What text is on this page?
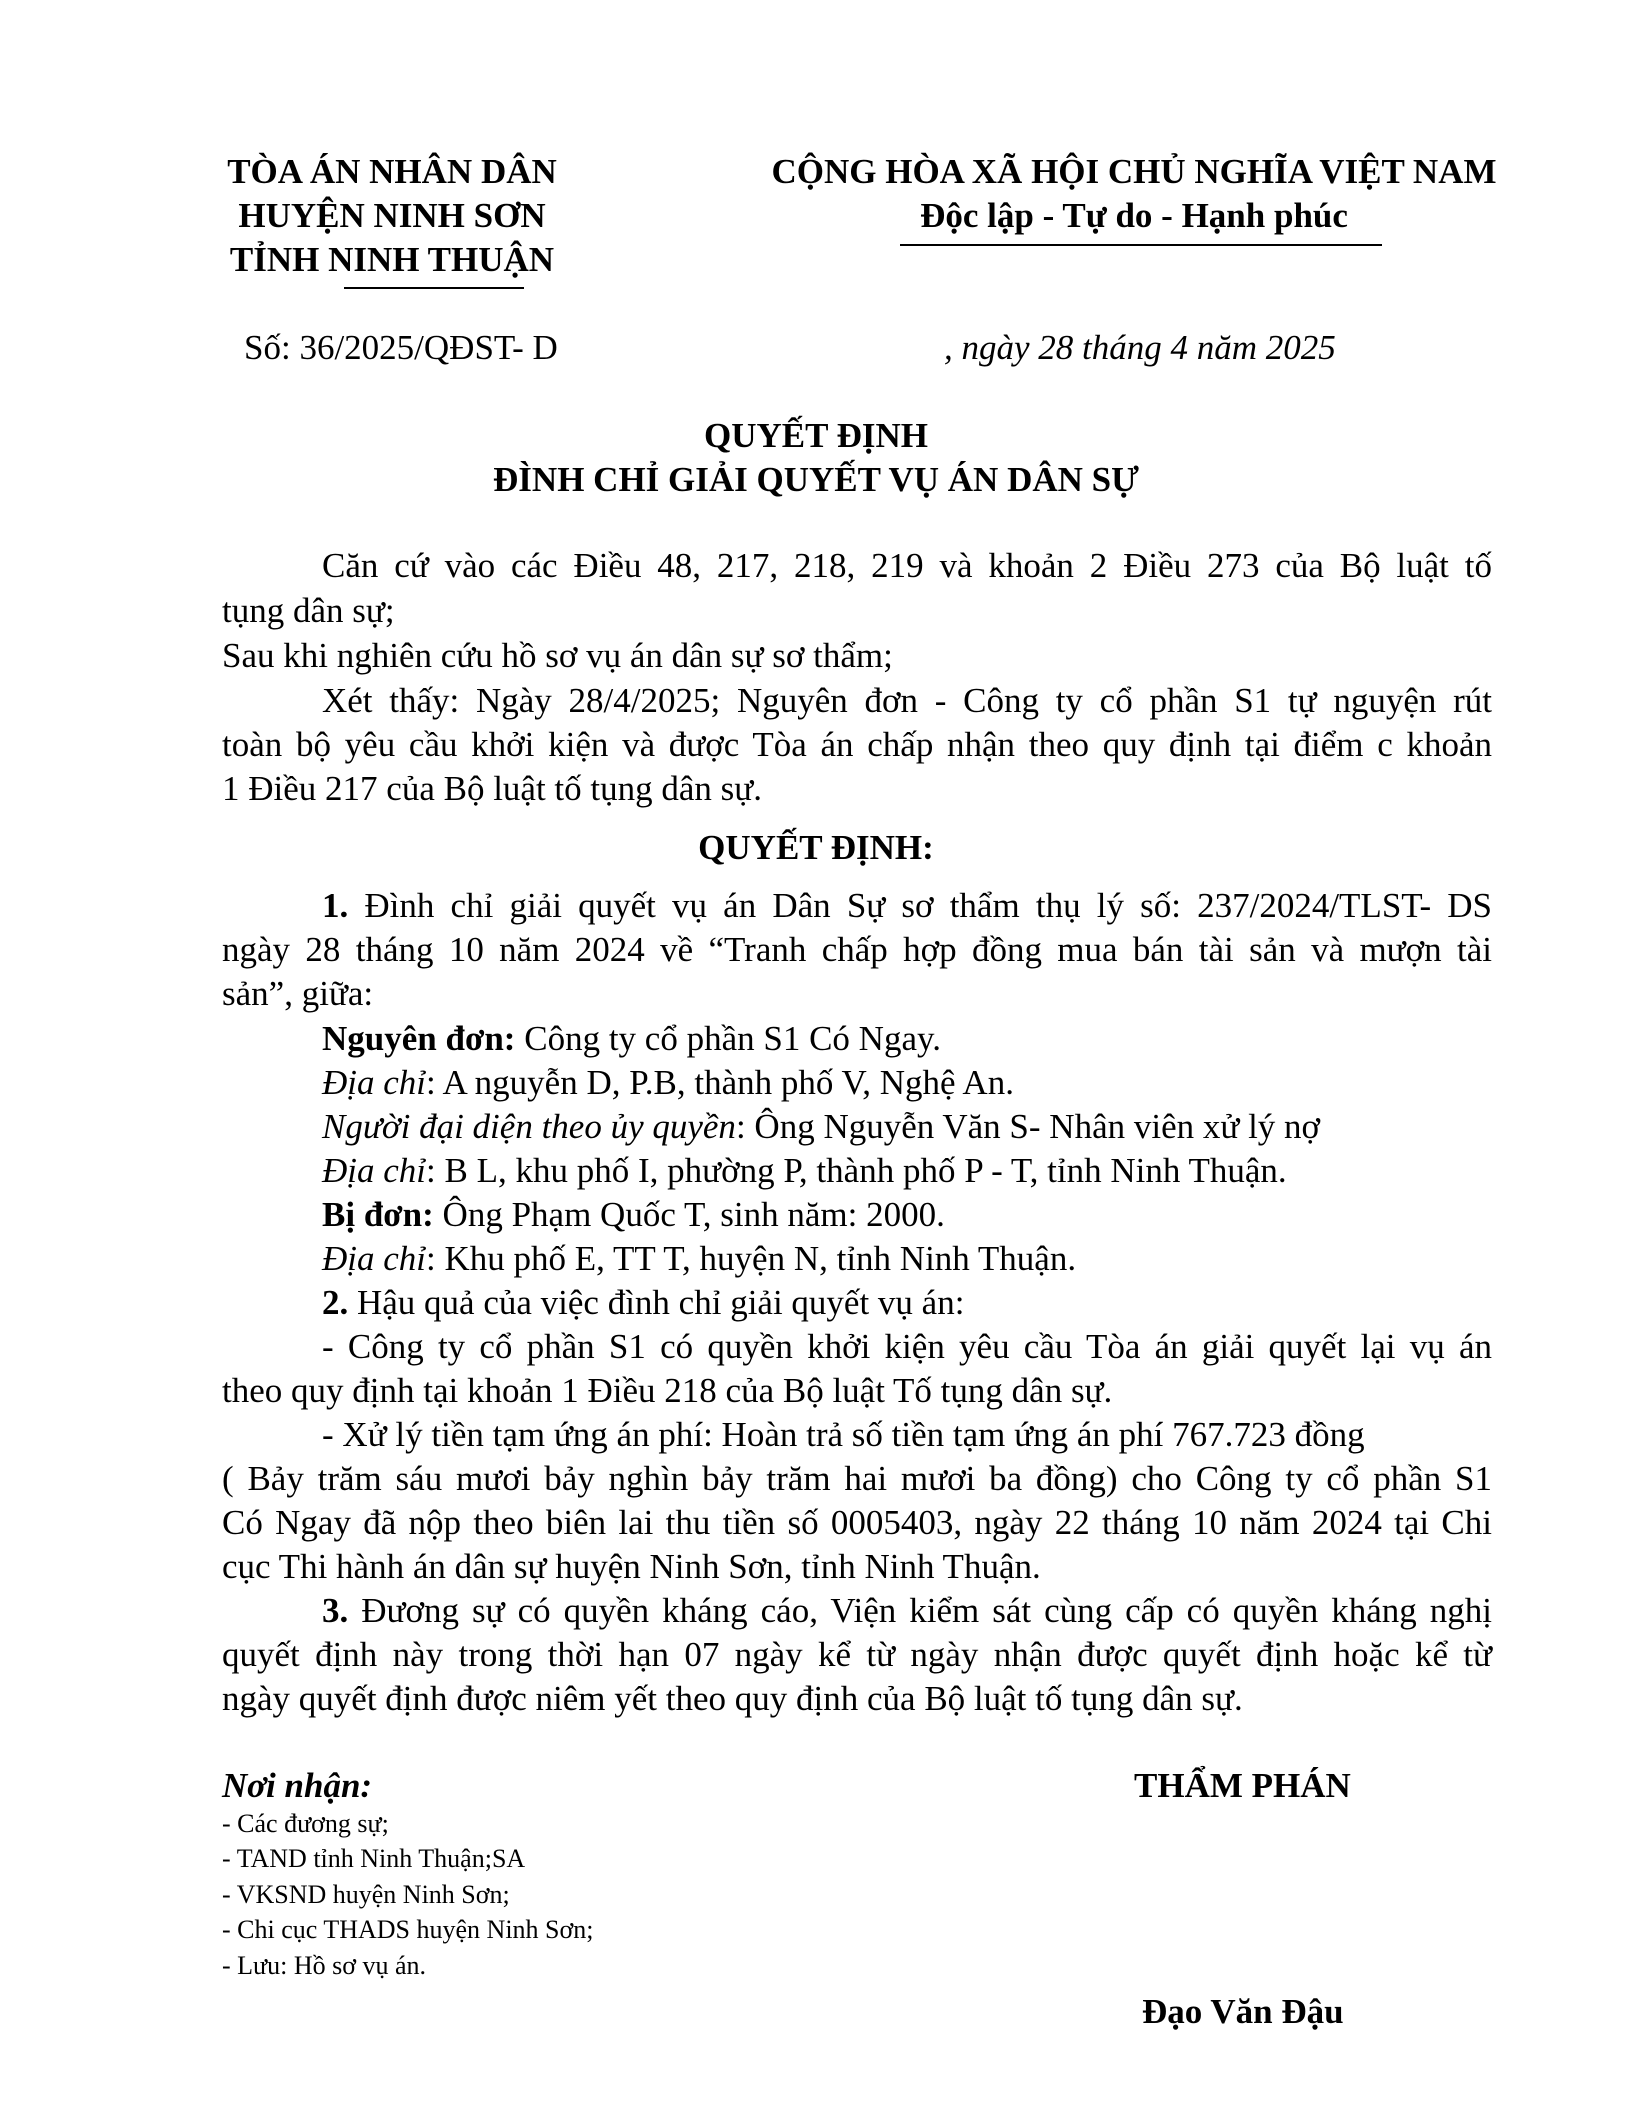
TÒA ÁN NHÂN DÂN
HUYỆN NINH SƠN
TỈNH NINH THUẬN
CỘNG HÒA XÃ HỘI CHỦ NGHĨA VIỆT NAM
Độc lập - Tự do - Hạnh phúc
Số: 36/2025/QĐST- D	, ngày 28 tháng 4 năm 2025
QUYẾT ĐỊNH
ĐÌNH CHỈ GIẢI QUYẾT VỤ ÁN DÂN SỰ
Căn cứ vào các Điều 48, 217, 218, 219 và khoản 2 Điều 273 của Bộ luật tố
tụng dân sự;
Sau khi nghiên cứu hồ sơ vụ án dân sự sơ thẩm;
Xét thấy: Ngày 28/4/2025; Nguyên đơn - Công ty cổ phần S1 tự nguyện rút
toàn bộ yêu cầu khởi kiện và được Tòa án chấp nhận theo quy định tại điểm c khoản
1 Điều 217 của Bộ luật tố tụng dân sự.
QUYẾT ĐỊNH:
1. Đình chỉ giải quyết vụ án Dân Sự sơ thẩm thụ lý số: 237/2024/TLST- DS
ngày 28 tháng 10 năm 2024 về “Tranh chấp hợp đồng mua bán tài sản và mượn tài
sản”, giữa:
Nguyên đơn: Công ty cổ phần S1 Có Ngay.
Địa chỉ: A nguyễn D, P.B, thành phố V, Nghệ An.
Người đại diện theo ủy quyền: Ông Nguyễn Văn S- Nhân viên xử lý nợ
Địa chỉ: B L, khu phố I, phường P, thành phố P - T, tỉnh Ninh Thuận.
Bị đơn: Ông Phạm Quốc T, sinh năm: 2000.
Địa chỉ: Khu phố E, TT T, huyện N, tỉnh Ninh Thuận.
2. Hậu quả của việc đình chỉ giải quyết vụ án:
- Công ty cổ phần S1 có quyền khởi kiện yêu cầu Tòa án giải quyết lại vụ án
theo quy định tại khoản 1 Điều 218 của Bộ luật Tố tụng dân sự.
- Xử lý tiền tạm ứng án phí: Hoàn trả số tiền tạm ứng án phí 767.723 đồng
( Bảy trăm sáu mươi bảy nghìn bảy trăm hai mươi ba đồng) cho Công ty cổ phần S1
Có Ngay đã nộp theo biên lai thu tiền số 0005403, ngày 22 tháng 10 năm 2024 tại Chi
cục Thi hành án dân sự huyện Ninh Sơn, tỉnh Ninh Thuận.
3. Đương sự có quyền kháng cáo, Viện kiểm sát cùng cấp có quyền kháng nghị
quyết định này trong thời hạn 07 ngày kể từ ngày nhận được quyết định hoặc kể từ
ngày quyết định được niêm yết theo quy định của Bộ luật tố tụng dân sự.
Nơi nhận:
- Các đương sự;
- TAND tỉnh Ninh Thuận;SA
- VKSND huyện Ninh Sơn;
- Chi cục THADS huyện Ninh Sơn;
- Lưu: Hồ sơ vụ án.
THẨM PHÁN
Đạo Văn Đậu
